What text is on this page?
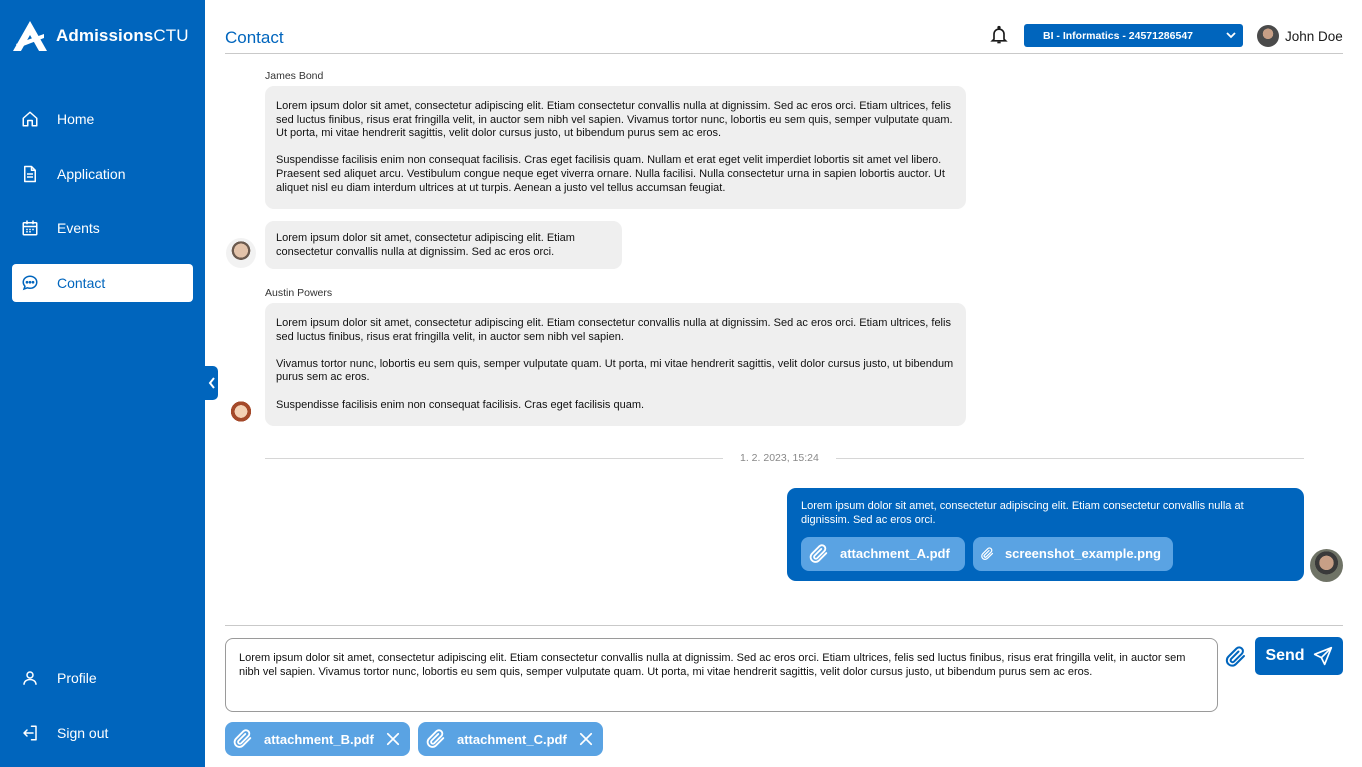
AdmissionsCTU
Home
Application
Events
Contact
Profile
Sign out
Contact	BI - Informatics - 24571286547	John Doe
James Bond

Lorem ipsum dolor sit amet, consectetur adipiscing elit. Etiam consectetur convallis nulla at dignissim. Sed ac eros orci. Etiam ultrices, felis sed luctus finibus, risus erat fringilla velit, in auctor sem nibh vel sapien. Vivamus tortor nunc, lobortis eu sem quis, semper vulputate quam. Ut porta, mi vitae hendrerit sagittis, velit dolor cursus justo, ut bibendum purus sem ac eros.

Suspendisse facilisis enim non consequat facilisis. Cras eget facilisis quam. Nullam et erat eget velit imperdiet lobortis sit amet vel libero. Praesent sed aliquet arcu. Vestibulum congue neque eget viverra ornare. Nulla facilisi. Nulla consectetur urna in sapien lobortis auctor. Ut aliquet nisl eu diam interdum ultrices at ut turpis. Aenean a justo vel tellus accumsan feugiat.

Lorem ipsum dolor sit amet, consectetur adipiscing elit. Etiam consectetur convallis nulla at dignissim. Sed ac eros orci.

Austin Powers

Lorem ipsum dolor sit amet, consectetur adipiscing elit. Etiam consectetur convallis nulla at dignissim. Sed ac eros orci. Etiam ultrices, felis sed luctus finibus, risus erat fringilla velit, in auctor sem nibh vel sapien.

Vivamus tortor nunc, lobortis eu sem quis, semper vulputate quam. Ut porta, mi vitae hendrerit sagittis, velit dolor cursus justo, ut bibendum purus sem ac eros.

Suspendisse facilisis enim non consequat facilisis. Cras eget facilisis quam.

1. 2. 2023, 15:24

Lorem ipsum dolor sit amet, consectetur adipiscing elit. Etiam consectetur convallis nulla at dignissim. Sed ac eros orci.

attachment_A.pdf	screenshot_example.png
Lorem ipsum dolor sit amet, consectetur adipiscing elit. Etiam consectetur convallis nulla at dignissim. Sed ac eros orci. Etiam ultrices, felis sed luctus finibus, risus erat fringilla velit, in auctor sem nibh vel sapien. Vivamus tortor nunc, lobortis eu sem quis, semper vulputate quam. Ut porta, mi vitae hendrerit sagittis, velit dolor cursus justo, ut bibendum purus sem ac eros.
Send
attachment_B.pdf	attachment_C.pdf
